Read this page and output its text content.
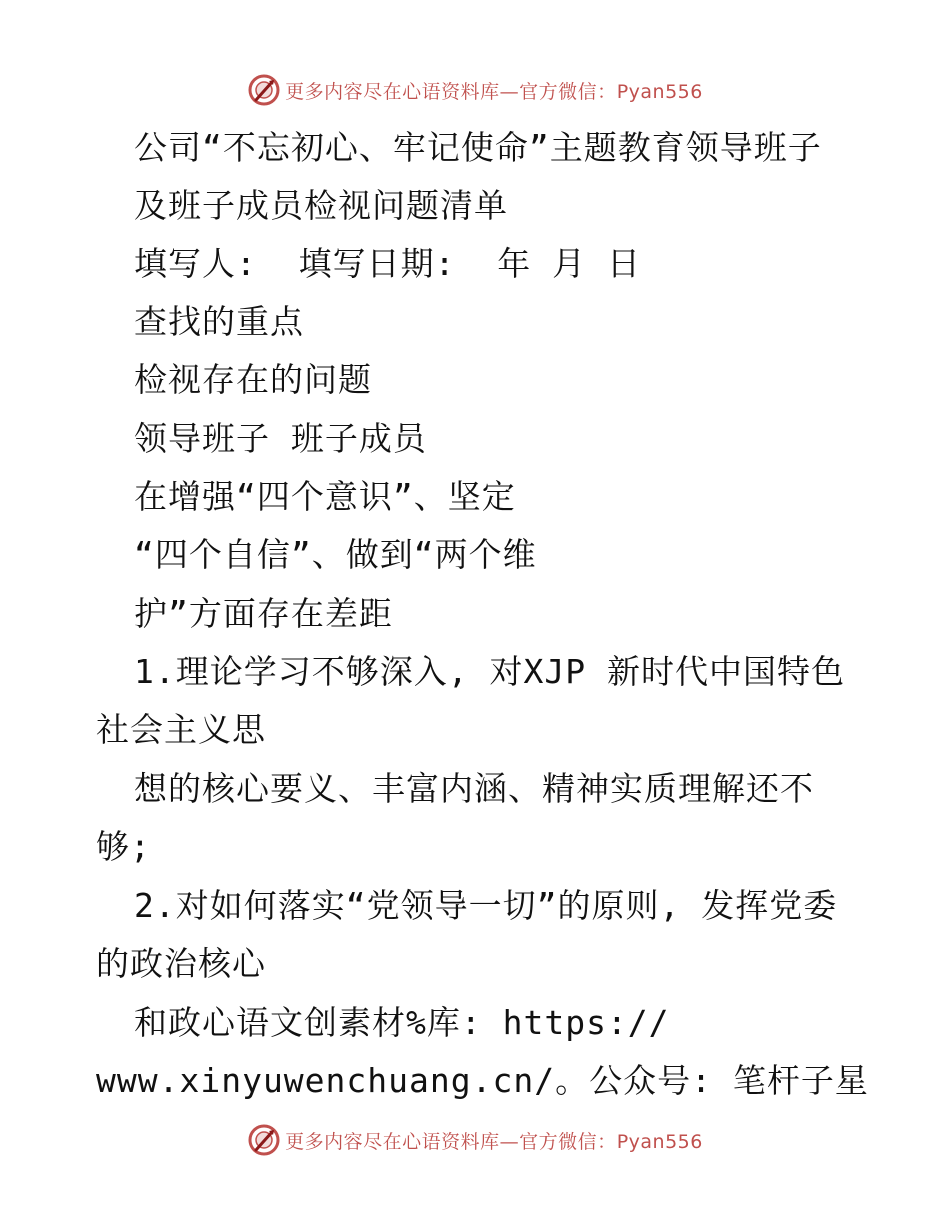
更多内容尽在心语资料库—官方微信：Pyan556
公司“不忘初心、牢记使命”主题教育领导班子
及班子成员检视问题清单
填写人:  填写日期:  年 月 日
查找的重点
检视存在的问题
领导班子 班子成员
在增强“四个意识”、坚定
“四个自信”、做到“两个维
护”方面存在差距
1.理论学习不够深入, 对XJP 新时代中国特色
社会主义思
想的核心要义、丰富内涵、精神实质理解还不
够;
2.对如何落实“党领导一切”的原则, 发挥党委
的政治核心
和政心语文创素材%库: https://
www.xinyuwenchuang.cn/。公众号: 笔杆子星
更多内容尽在心语资料库—官方微信：Pyan556
